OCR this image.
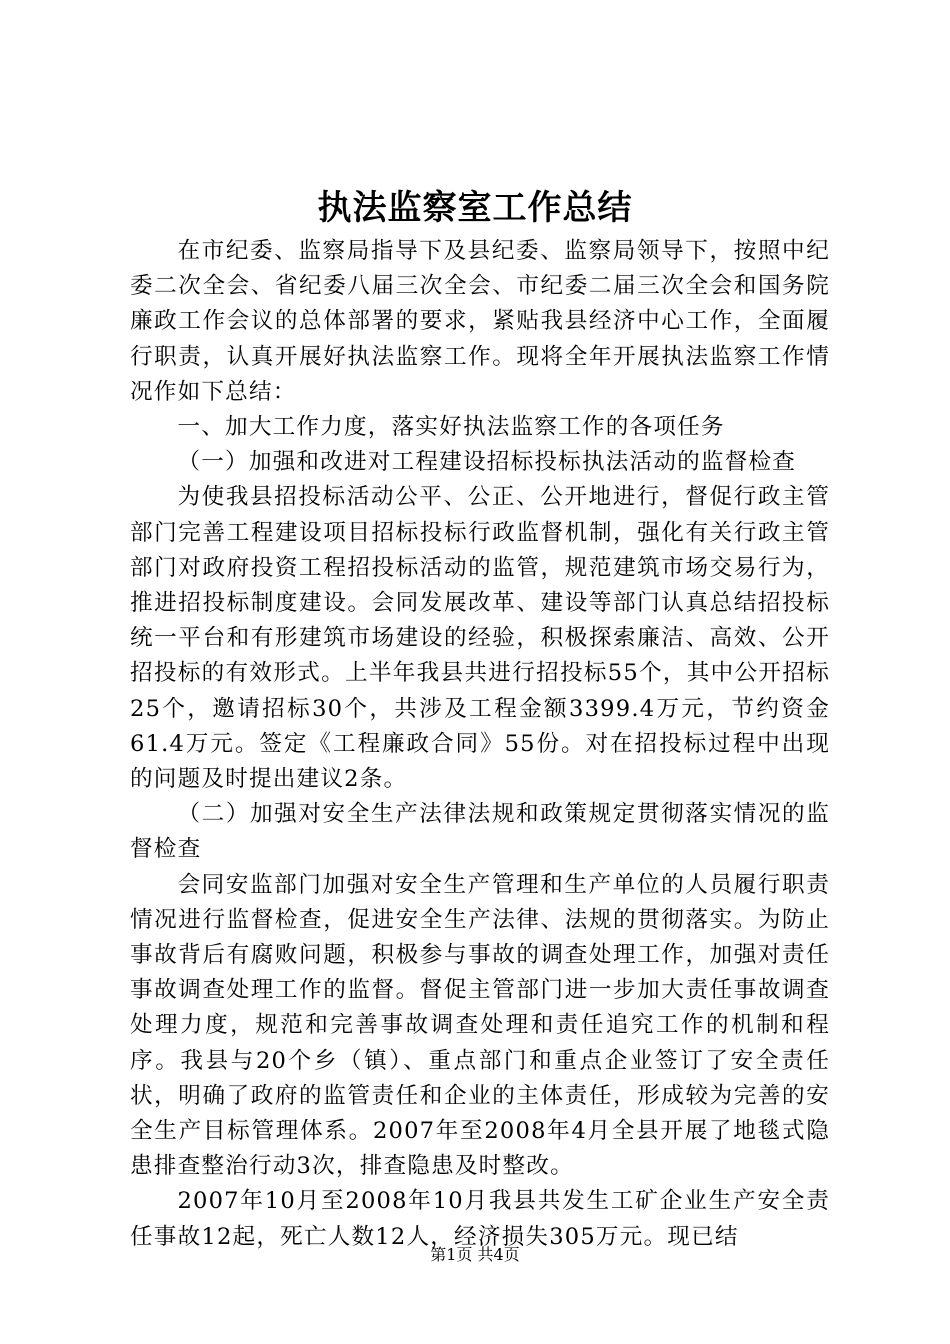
执法监察室工作总结

在市纪委、监察局指导下及县纪委、监察局领导下，按照中纪委二次全会、省纪委八届三次全会、市纪委二届三次全会和国务院廉政工作会议的总体部署的要求，紧贴我县经济中心工作，全面履行职责，认真开展好执法监察工作。现将全年开展执法监察工作情况作如下总结：

一、加大工作力度，落实好执法监察工作的各项任务

（一）加强和改进对工程建设招标投标执法活动的监督检查

为使我县招投标活动公平、公正、公开地进行，督促行政主管部门完善工程建设项目招标投标行政监督机制，强化有关行政主管部门对政府投资工程招投标活动的监管，规范建筑市场交易行为，推进招投标制度建设。会同发展改革、建设等部门认真总结招投标统一平台和有形建筑市场建设的经验，积极探索廉洁、高效、公开招投标的有效形式。上半年我县共进行招投标55个，其中公开招标25个，邀请招标30个，共涉及工程金额3399.4万元，节约资金61.4万元。签定《工程廉政合同》55份。对在招投标过程中出现的问题及时提出建议2条。

（二）加强对安全生产法律法规和政策规定贯彻落实情况的监督检查

会同安监部门加强对安全生产管理和生产单位的人员履行职责情况进行监督检查，促进安全生产法律、法规的贯彻落实。为防止事故背后有腐败问题，积极参与事故的调查处理工作，加强对责任事故调查处理工作的监督。督促主管部门进一步加大责任事故调查处理力度，规范和完善事故调查处理和责任追究工作的机制和程序。我县与20个乡（镇）、重点部门和重点企业签订了安全责任状，明确了政府的监管责任和企业的主体责任，形成较为完善的安全生产目标管理体系。2007年至2008年4月全县开展了地毯式隐患排查整治行动3次，排查隐患及时整改。

2007年10月至2008年10月我县共发生工矿企业生产安全责任事故12起，死亡人数12人，经济损失305万元。现已结

第1页 共4页
